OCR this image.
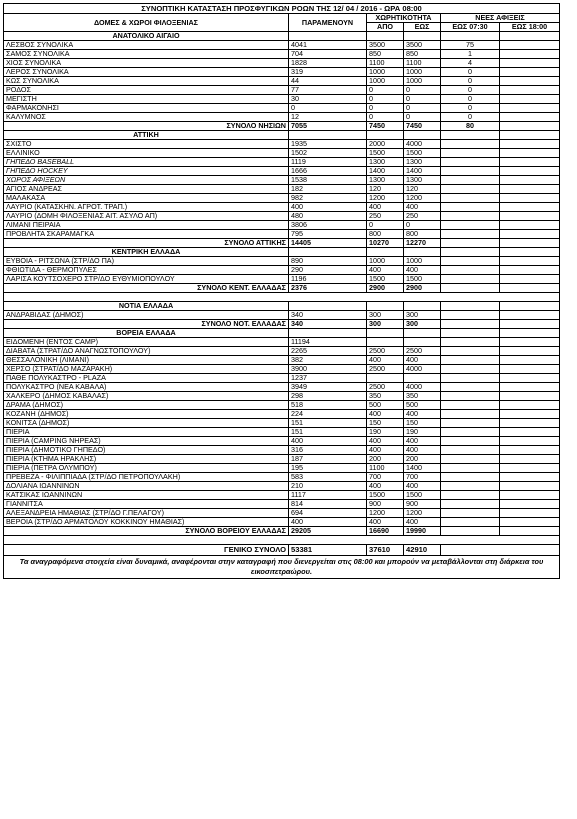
ΣΥΝΟΠΤΙΚΗ ΚΑΤΑΣΤΑΣΗ ΠΡΟΣΦΥΓΙΚΩΝ ΡΟΩΝ ΤΗΣ 12/ 04 / 2016 - ΩΡΑ 08:00					
ΔΟΜΕΣ & ΧΩΡΟΙ ΦΙΛΟΞΕΝΙΑΣ	ΠΑΡΑΜΕΝΟΥΝ	ΧΩΡΗΤΙΚΟΤΗΤΑ		ΝΕΕΣ ΑΦΙΞΕΙΣ	
		ΑΠΟ	ΕΩΣ	ΕΩΣ 07:30	ΕΩΣ 18:00
ΑΝΑΤΟΛΙΚΟ ΑΙΓΑΙΟ					
ΛΕΣΒΟΣ ΣΥΝΟΛΙΚΑ	4041	3500	3500	75	
ΣΑΜΟΣ ΣΥΝΟΛΙΚΑ	704	850	850	1	
ΧΙΟΣ ΣΥΝΟΛΙΚΑ	1828	1100	1100	4	
ΛΕΡΟΣ ΣΥΝΟΛΙΚΑ	319	1000	1000	0	
ΚΩΣ ΣΥΝΟΛΙΚΑ	44	1000	1000	0	
ΡΟΔΟΣ	77	0	0	0	
ΜΕΓΙΣΤΗ	30	0	0	0	
ΦΑΡΜΑΚΟΝΗΣΙ	0	0	0	0	
ΚΑΛΥΜΝΟΣ	12	0	0	0	
ΣΥΝΟΛΟ ΝΗΣΙΩΝ	7055	7450	7450	80	
ΑΤΤΙΚΗ					
ΣΧΙΣΤΟ	1935	2000	4000		
ΕΛΛΙΝΙΚΟ	1502	1500	1500		
ΓΗΠΕΔΟ BASEBALL	1119	1300	1300		
ΓΗΠΕΔΟ HOCKEY	1666	1400	1400		
ΧΩΡΟΣ ΑΦΙΞΕΩΝ	1538	1300	1300		
ΑΓΙΟΣ ΑΝΔΡΕΑΣ	182	120	120		
ΜΑΛΑΚΑΣΑ	982	1200	1200		
ΛΑΥΡΙΟ (ΚΑΤΑΣΚΗΝ. ΑΓΡΟΤ. ΤΡΑΠ.)	400	400	400		
ΛΑΥΡΙΟ (ΔΟΜΗ ΦΙΛΟΞΕΝΙΑΣ ΑΙΤ. ΑΣΥΛΟ ΑΠ)	480	250	250		
ΛΙΜΑΝΙ ΠΕΙΡΑΙΑ	3806	0	0		
ΠΡΟΒΛΗΤΑ ΣΚΑΡΑΜΑΓΚΑ	795	800	800		
ΣΥΝΟΛΟ ΑΤΤΙΚΗΣ	14405	10270	12270		
ΚΕΝΤΡΙΚΗ ΕΛΛΑΔΑ					
ΕΥΒΟΙΑ - ΡΙΤΣΩΝΑ (ΣΤΡ/ΔΟ ΠΑ)	890	1000	1000		
ΦΘΙΩΤΙΔΑ - ΘΕΡΜΟΠΥΛΕΣ	290	400	400		
ΛΑΡΙΣΑ ΚΟΥΤΣΟΧΕΡΟ ΣΤΡ/ΔΟ ΕΥΘΥΜΙΟΠΟΥΛΟΥ	1196	1500	1500		
ΣΥΝΟΛΟ ΚΕΝΤ. ΕΛΛΑΔΑΣ	2376	2900	2900		

ΝΟΤΙΑ ΕΛΛΑΔΑ					
ΑΝΔΡΑΒΙΔΑΣ (ΔΗΜΟΣ)	340	300	300		
ΣΥΝΟΛΟ ΝΟΤ. ΕΛΛΑΔΑΣ	340	300	300		
ΒΟΡΕΙΑ ΕΛΛΑΔΑ					
ΕΙΔΟΜΕΝΗ (ΕΝΤΟΣ CAMP)	11194				
ΔΙΑΒΑΤΑ (ΣΤΡΑΤ/ΔΟ ΑΝΑΓΝΩΣΤΟΠΟΥΛΟΥ)	2265	2500	2500		
ΘΕΣΣΑΛΟΝΙΚΗ (ΛΙΜΑΝΙ)	382	400	400		
ΧΕΡΣΟ (ΣΤΡΑΤ/ΔΟ ΜΑΖΑΡΑΚΗ)	3900	2500	4000		
ΠΑΘΕ ΠΟΛΥΚΑΣΤΡΟ - PLAZA	1237				
ΠΟΛΥΚΑΣΤΡΟ (ΝΕΑ ΚΑΒΑΛΑ)	3949	2500	4000		
ΧΑΛΚΕΡΟ (ΔΗΜΟΣ ΚΑΒΑΛΑΣ)	298	350	350		
ΔΡΑΜΑ (ΔΗΜΟΣ)	518	500	500		
ΚΟΖΑΝΗ (ΔΗΜΟΣ)	224	400	400		
ΚΟΝΙΤΣΑ (ΔΗΜΟΣ)	151	150	150		
ΠΙΕΡΙΑ	151	190	190		
ΠΙΕΡΙΑ (CAMPING ΝΗΡΕΑΣ)	400	400	400		
ΠΙΕΡΙΑ (ΔΗΜΟΤΙΚΟ ΓΗΠΕΔΟ)	316	400	400		
ΠΙΕΡΙΑ (ΚΤΗΜΑ ΗΡΑΚΛΗΣ)	187	200	200		
ΠΙΕΡΙΑ (ΠΕΤΡΑ ΟΛΥΜΠΟΥ)	195	1100	1400		
ΠΡΕΒΕΖΑ - ΦΙΛΙΠΠΙΑΔΑ (ΣΤΡ/ΔΟ ΠΕΤΡΟΠΟΥΛΑΚΗ)	583	700	700		
ΔΟΛΙΑΝΑ ΙΩΑΝΝΙΝΩΝ	210	400	400		
ΚΑΤΣΙΚΑΣ ΙΩΑΝΝΙΝΩΝ	1117	1500	1500		
ΓΙΑΝΝΙΤΣΑ	814	900	900		
ΑΛΕΞΑΝΔΡΕΙΑ ΗΜΑΘΙΑΣ (ΣΤΡ/ΔΟ Γ.ΠΕΛΑΓΟΥ)	694	1200	1200		
ΒΕΡΟΙΑ (ΣΤΡ/ΔΟ ΑΡΜΑΤΟΛΟΥ ΚΟΚΚΙΝΟΥ ΗΜΑΘΙΑΣ)	400	400	400		
ΣΥΝΟΛΟ ΒΟΡΕΙΟΥ ΕΛΛΑΔΑΣ	29205	16690	19990		

ΓΕΝΙΚΟ ΣΥΝΟΛΟ	53381	37610	42910		
Τα αναγραφόμενα στοιχεία είναι δυναμικά, αναφέρονται στην καταγραφή που διενεργείται στις 08:00 και μπορούν να μεταβάλλονται στη διάρκεια του εικοσιτετραώρου.					
